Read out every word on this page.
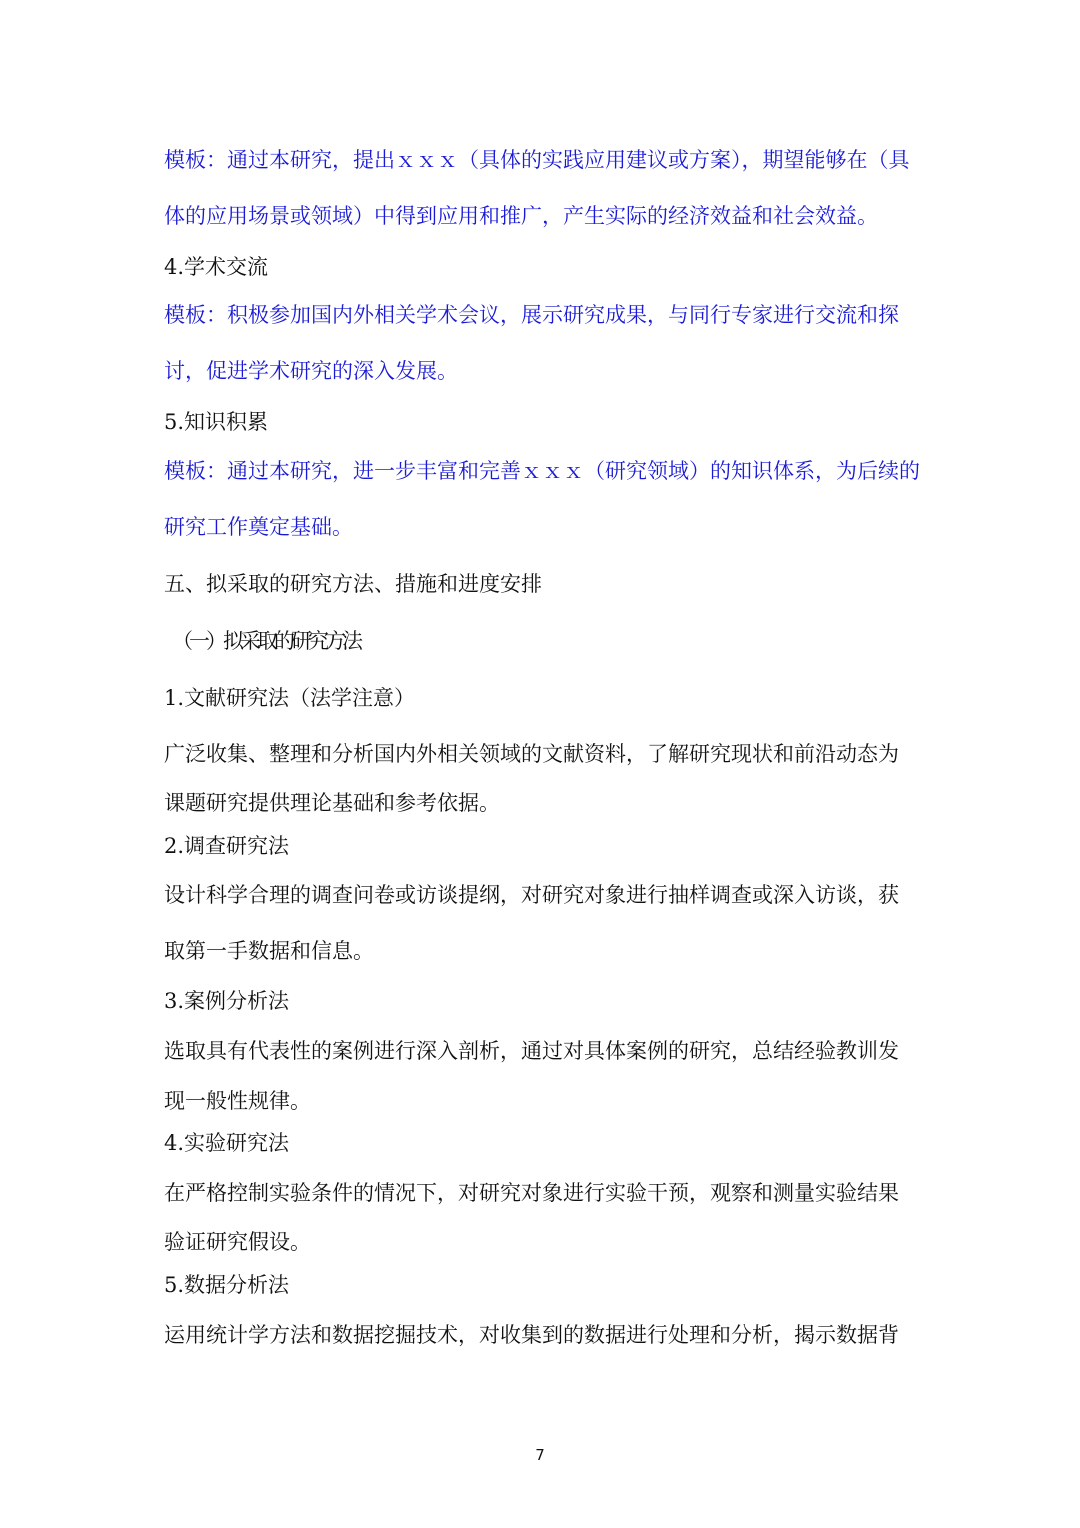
模板：通过本研究，提出ｘｘｘ（具体的实践应用建议或方案），期望能够在（具
体的应用场景或领域）中得到应用和推广，产生实际的经济效益和社会效益。
4.学术交流
模板：积极参加国内外相关学术会议，展示研究成果，与同行专家进行交流和探
讨，促进学术研究的深入发展。
5.知识积累
模板：通过本研究，进一步丰富和完善ｘｘｘ（研究领域）的知识体系，为后续的
研究工作奠定基础。
五、拟采取的研究方法、措施和进度安排
（一）拟采取的研究方法
1.文献研究法（法学注意）
广泛收集、整理和分析国内外相关领域的文献资料，了解研究现状和前沿动态为
课题研究提供理论基础和参考依据。
2.调查研究法
设计科学合理的调查问卷或访谈提纲，对研究对象进行抽样调查或深入访谈，获
取第一手数据和信息。
3.案例分析法
选取具有代表性的案例进行深入剖析，通过对具体案例的研究，总结经验教训发
现一般性规律。
4.实验研究法
在严格控制实验条件的情况下，对研究对象进行实验干预，观察和测量实验结果
验证研究假设。
5.数据分析法
运用统计学方法和数据挖掘技术，对收集到的数据进行处理和分析，揭示数据背
7
